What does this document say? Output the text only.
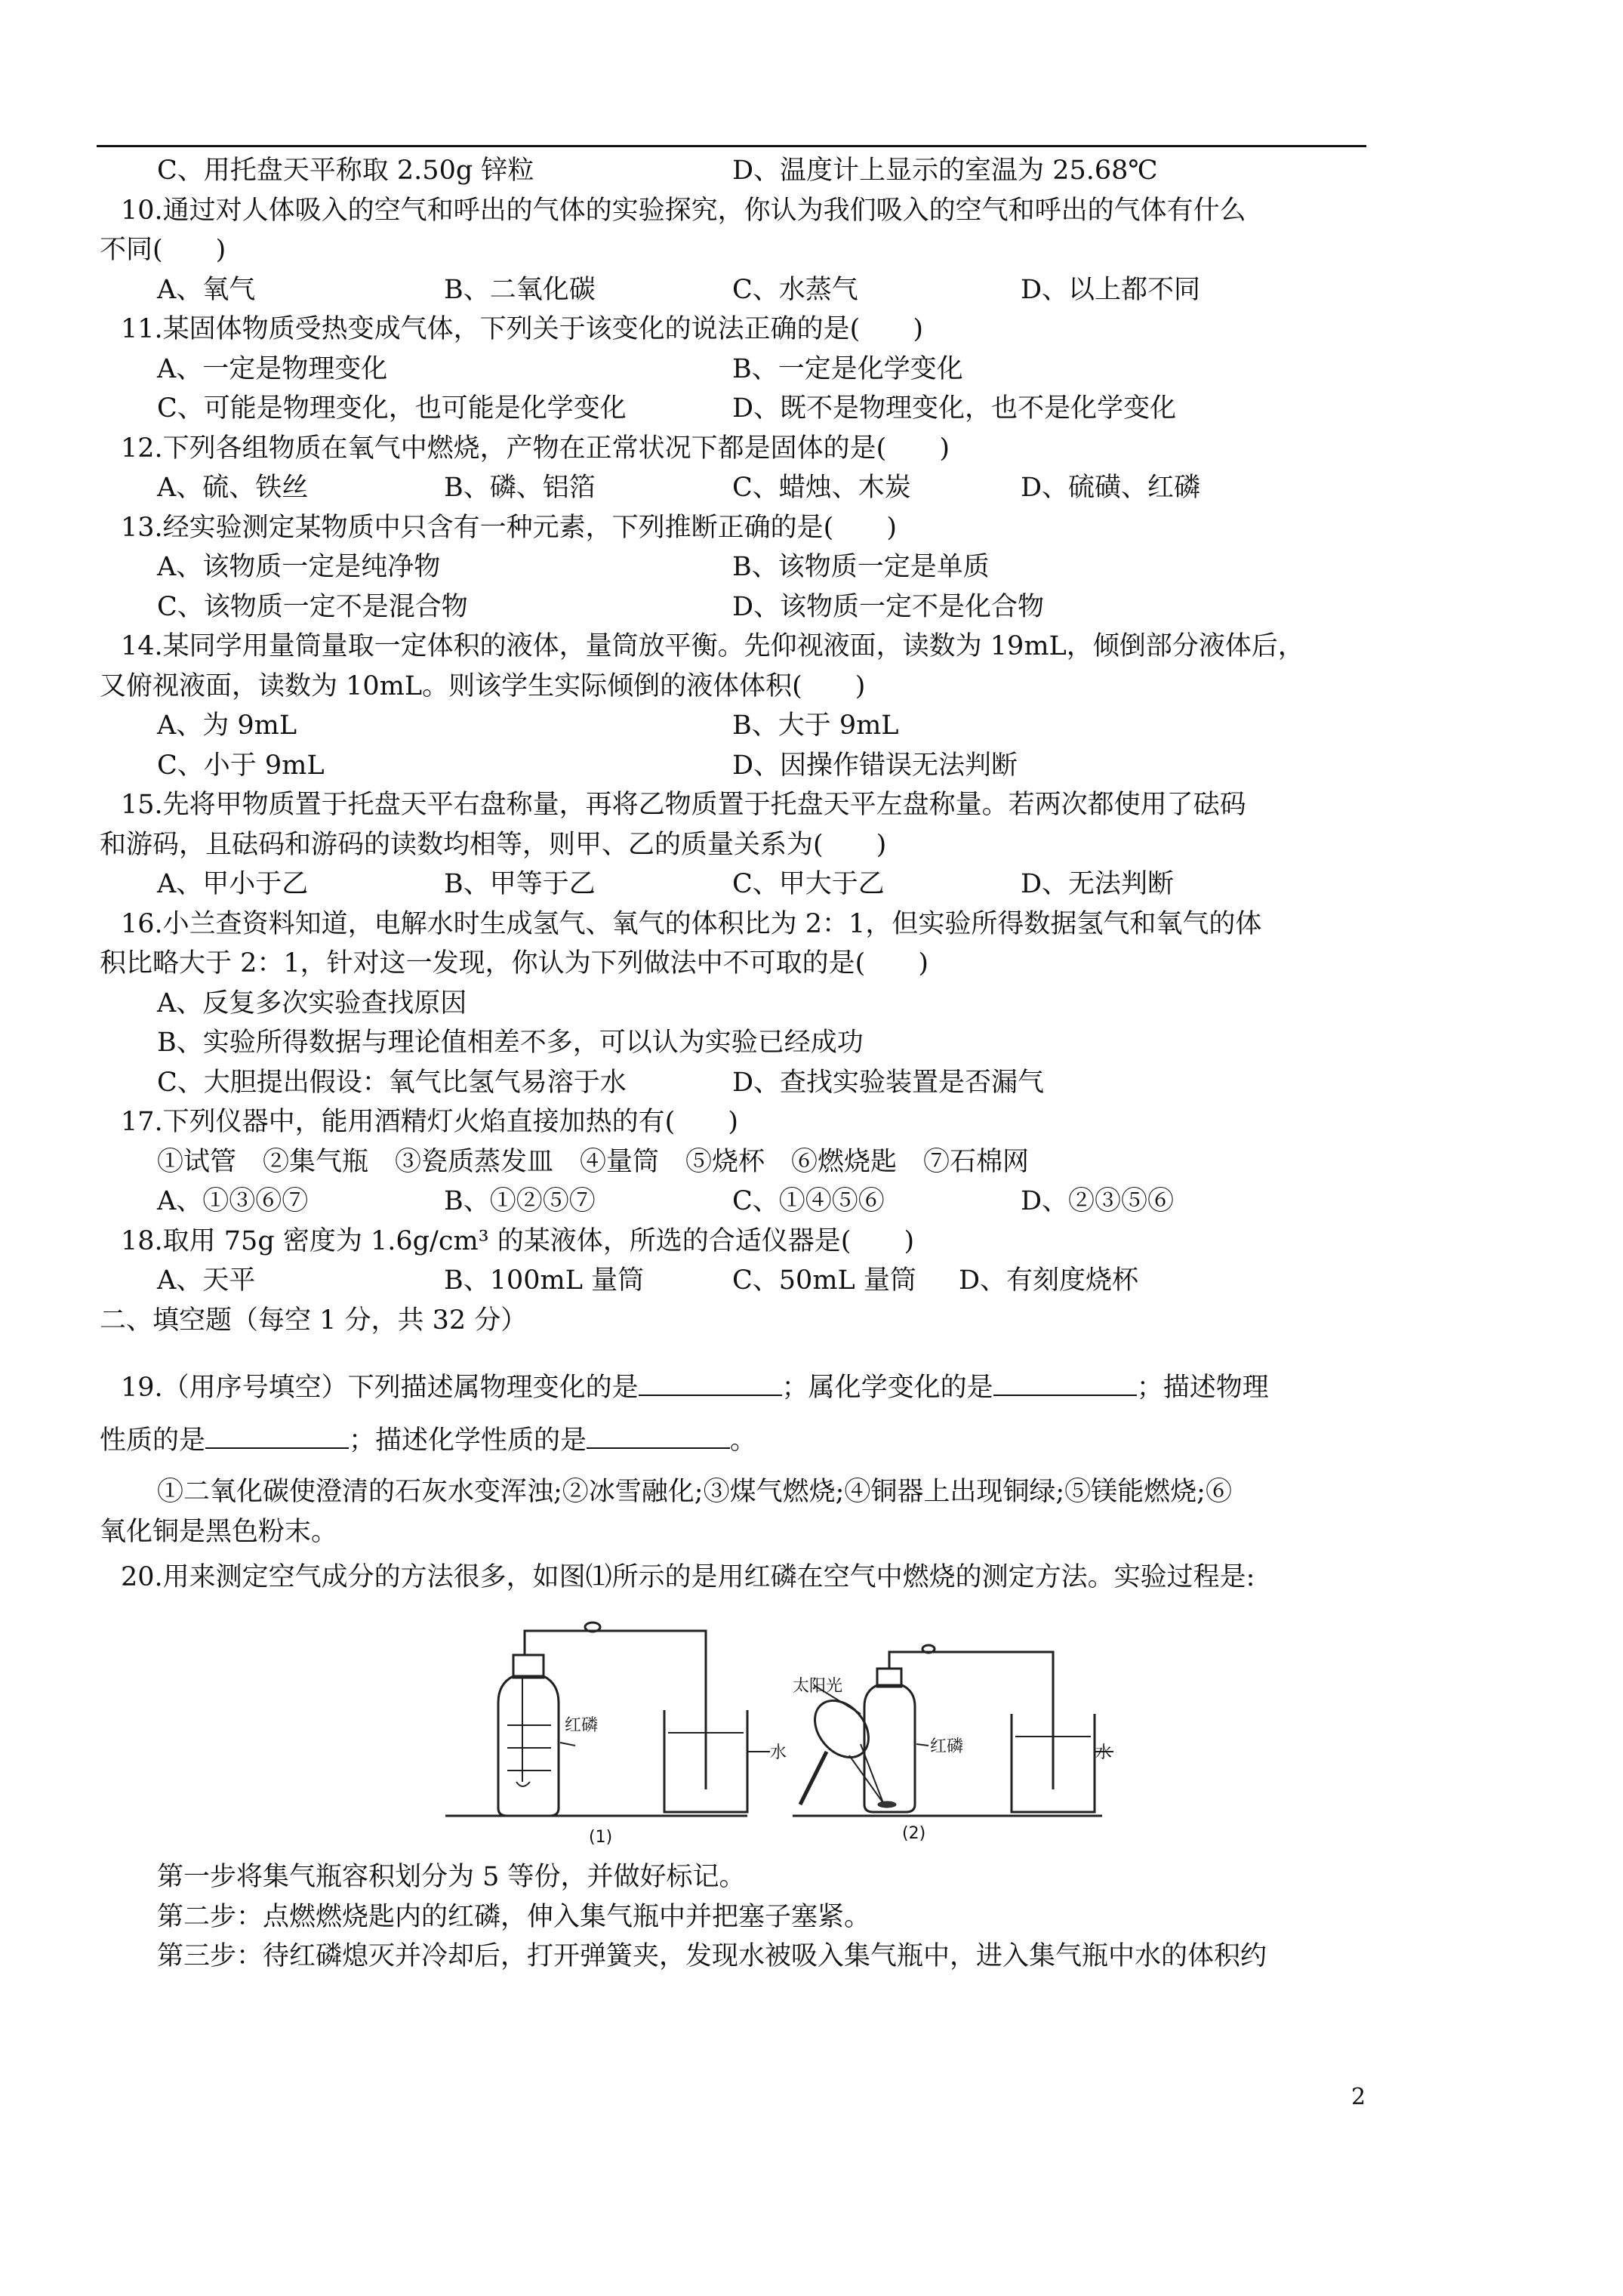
C、用托盘天平称取 2.50g 锌粒	D、温度计上显示的室温为 25.68℃
10.通过对人体吸入的空气和呼出的气体的实验探究，你认为我们吸入的空气和呼出的气体有什么
不同(　　)
A、氧气	B、二氧化碳	C、水蒸气	D、以上都不同
11.某固体物质受热变成气体，下列关于该变化的说法正确的是(　　)
A、一定是物理变化	B、一定是化学变化
C、可能是物理变化，也可能是化学变化	D、既不是物理变化，也不是化学变化
12.下列各组物质在氧气中燃烧，产物在正常状况下都是固体的是(　　)
A、硫、铁丝	B、磷、铝箔	C、蜡烛、木炭	D、硫磺、红磷
13.经实验测定某物质中只含有一种元素，下列推断正确的是(　　)
A、该物质一定是纯净物	B、该物质一定是单质
C、该物质一定不是混合物	D、该物质一定不是化合物
14.某同学用量筒量取一定体积的液体，量筒放平衡。先仰视液面，读数为 19mL，倾倒部分液体后，
又俯视液面，读数为 10mL。则该学生实际倾倒的液体体积(　　)
A、为 9mL	B、大于 9mL
C、小于 9mL	D、因操作错误无法判断
15.先将甲物质置于托盘天平右盘称量，再将乙物质置于托盘天平左盘称量。若两次都使用了砝码
和游码，且砝码和游码的读数均相等，则甲、乙的质量关系为(　　)
A、甲小于乙	B、甲等于乙	C、甲大于乙	D、无法判断
16.小兰查资料知道，电解水时生成氢气、氧气的体积比为 2：1，但实验所得数据氢气和氧气的体
积比略大于 2：1，针对这一发现，你认为下列做法中不可取的是(　　)
A、反复多次实验查找原因
B、实验所得数据与理论值相差不多，可以认为实验已经成功
C、大胆提出假设：氧气比氢气易溶于水	D、查找实验装置是否漏气
17.下列仪器中，能用酒精灯火焰直接加热的有(　　)
①试管　②集气瓶　③瓷质蒸发皿　④量筒　⑤烧杯　⑥燃烧匙　⑦石棉网
A、①③⑥⑦	B、①②⑤⑦	C、①④⑤⑥	D、②③⑤⑥
18.取用 75g 密度为 1.6g/cm³ 的某液体，所选的合适仪器是(　　)
A、天平	B、100mL 量筒	C、50mL 量筒 D、有刻度烧杯
二、填空题（每空 1 分，共 32 分）
19.（用序号填空）下列描述属物理变化的是	；属化学变化的是	；描述物理
性质的是	；描述化学性质的是	。
①二氧化碳使澄清的石灰水变浑浊;②冰雪融化;③煤气燃烧;④铜器上出现铜绿;⑤镁能燃烧;⑥
氧化铜是黑色粉末。
20.用来测定空气成分的方法很多，如图⑴所示的是用红磷在空气中燃烧的测定方法。实验过程是:
红磷
水
(1)
太阳光
红磷	水
(2)
第一步将集气瓶容积划分为 5 等份，并做好标记。
第二步：点燃燃烧匙内的红磷，伸入集气瓶中并把塞子塞紧。
第三步：待红磷熄灭并冷却后，打开弹簧夹，发现水被吸入集气瓶中，进入集气瓶中水的体积约
2
